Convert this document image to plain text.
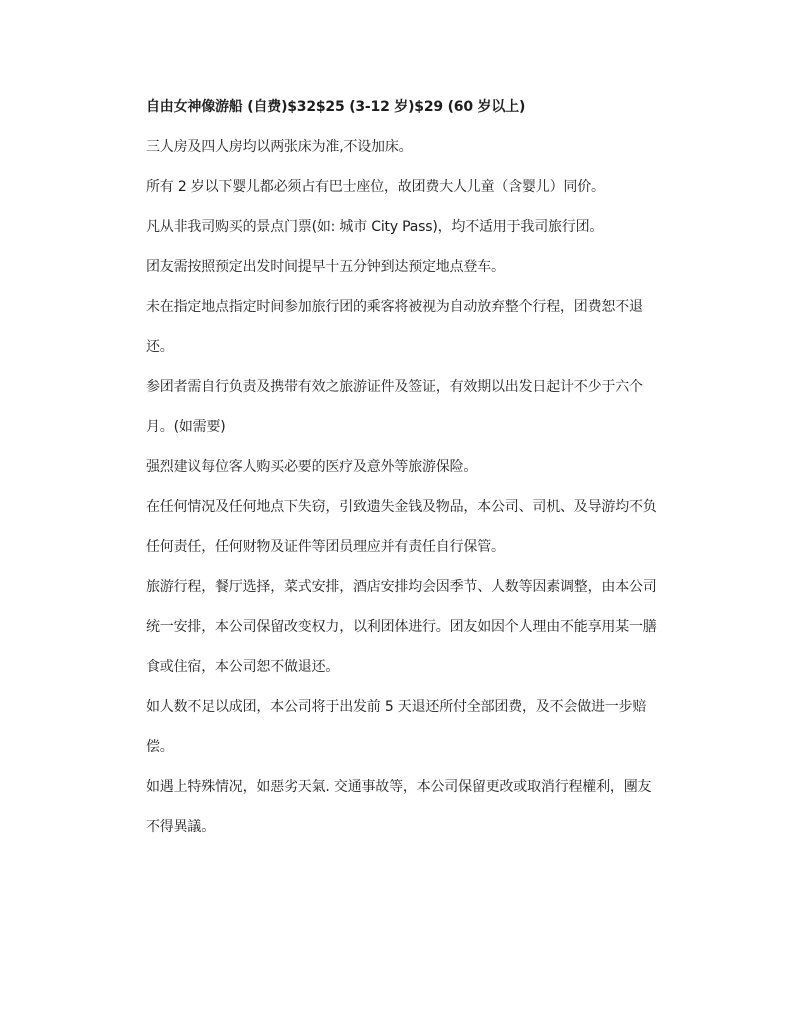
自由女神像游船 (自费)$32$25 (3-12 岁)$29 (60 岁以上)
三人房及四人房均以两张床为准,不设加床。
所有 2 岁以下婴儿都必须占有巴士座位，故团费大人儿童（含婴儿）同价。
凡从非我司购买的景点门票(如: 城市 City Pass)，均不适用于我司旅行团。
团友需按照预定出发时间提早十五分钟到达预定地点登车。
未在指定地点指定时间参加旅行团的乘客将被视为自动放弃整个行程，团费恕不退
还。
参团者需自行负责及携带有效之旅游证件及签证，有效期以出发日起计不少于六个
月。(如需要)
强烈建议每位客人购买必要的医疗及意外等旅游保险。
在任何情况及任何地点下失窃，引致遗失金钱及物品，本公司、司机、及导游均不负
任何责任，任何财物及证件等团员理应并有责任自行保管。
旅游行程，餐厅选择，菜式安排，酒店安排均会因季节、人数等因素调整，由本公司
统一安排，本公司保留改变权力，以利团体进行。团友如因个人理由不能享用某一膳
食或住宿，本公司恕不做退还。
如人数不足以成团，本公司将于出发前 5 天退还所付全部团费，及不会做进一步赔
偿。
如遇上特殊情况，如惡劣天氣. 交通事故等，本公司保留更改或取消行程權利，團友
不得異議。
